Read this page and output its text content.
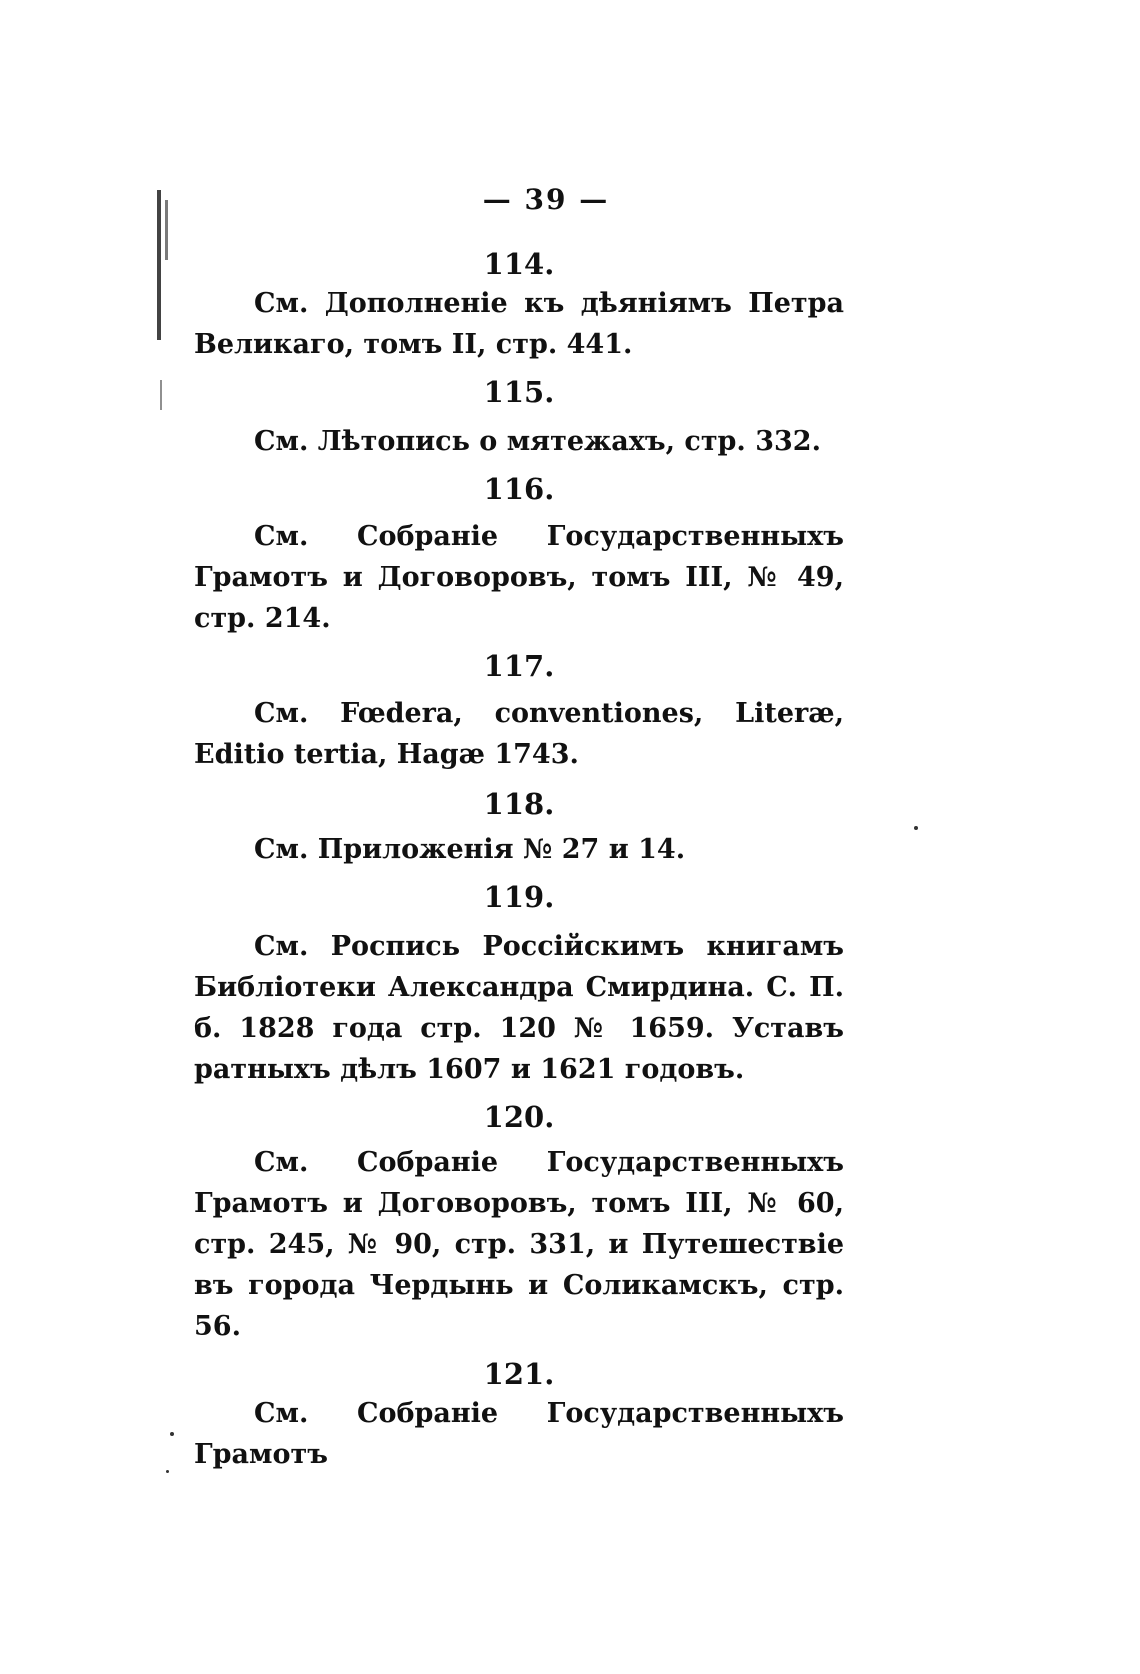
— 39 —
114.

См. Дополненіе къ дѣяніямъ Петра Великаго, томъ II, стр. 441.

115.

См. Лѣтопись о мятежахъ, стр. 332.

116.

См. Собраніе Государственныхъ Грамотъ и Договоровъ, томъ III, № 49, стр. 214.

117.

См. Fœdera, conventiones, Literæ, Editio tertia, Hagæ 1743.

118.

См. Приложенія № 27 и 14.

119.

См. Роспись Россійскимъ книгамъ Библіотеки Александра Смирдина. С. П. б. 1828 года стр. 120 № 1659. Уставъ ратныхъ дѣлъ 1607 и 1621 годовъ.

120.

См. Собраніе Государственныхъ Грамотъ и Договоровъ, томъ III, № 60, стр. 245, № 90, стр. 331, и Путешествіе въ города Чердынь и Соликамскъ, стр. 56.

121.

См. Собраніе Государственныхъ Грамотъ
